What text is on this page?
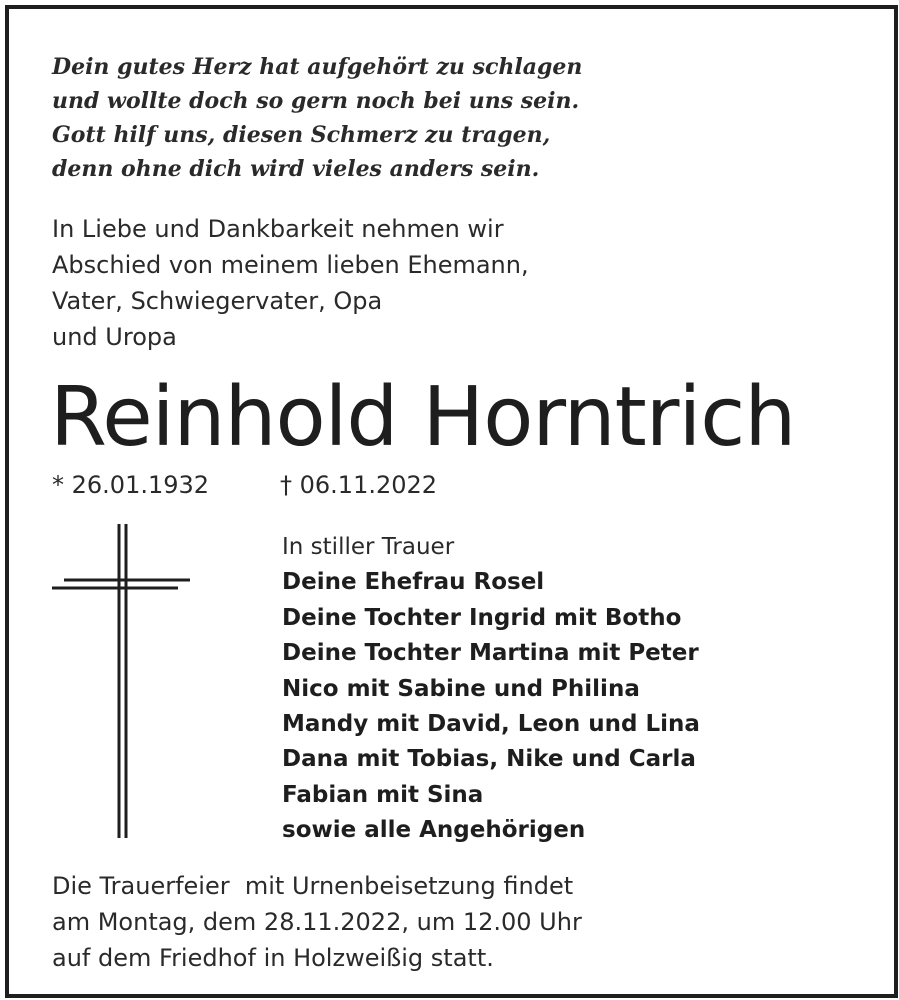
Dein gutes Herz hat aufgehört zu schlagen
und wollte doch so gern noch bei uns sein.
Gott hilf uns, diesen Schmerz zu tragen,
denn ohne dich wird vieles anders sein.
In Liebe und Dankbarkeit nehmen wir
Abschied von meinem lieben Ehemann,
Vater, Schwiegervater, Opa
und Uropa
Reinhold Horntrich
* 26.01.1932	† 06.11.2022
In stiller Trauer
Deine Ehefrau Rosel
Deine Tochter Ingrid mit Botho
Deine Tochter Martina mit Peter
Nico mit Sabine und Philina
Mandy mit David, Leon und Lina
Dana mit Tobias, Nike und Carla
Fabian mit Sina
sowie alle Angehörigen
Die Trauerfeier  mit Urnenbeisetzung findet
am Montag, dem 28.11.2022, um 12.00 Uhr
auf dem Friedhof in Holzweißig statt.
